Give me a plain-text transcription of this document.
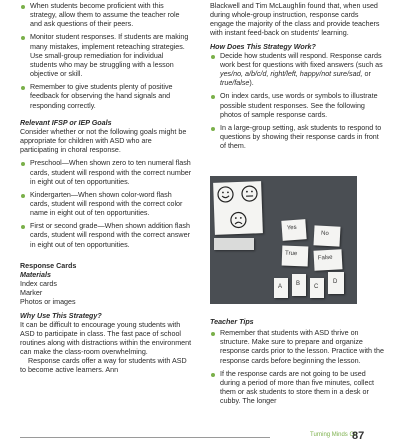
When students become proficient with this strategy, allow them to assume the teacher role and ask questions of their peers.
Monitor student responses. If students are making many mistakes, implement reteaching strategies. Use small-group remediation for individual students who may be struggling with a lesson objective or skill.
Remember to give students plenty of positive feedback for observing the hand signals and responding correctly.

Relevant IFSP or IEP Goals

Consider whether or not the following goals might be appropriate for children with ASD who are participating in choral response.

Preschool—When shown zero to ten numeral flash cards, student will respond with the correct number in eight out of ten opportunities.
Kindergarten—When shown color-word flash cards, student will respond with the correct color name in eight out of ten opportunities.
First or second grade—When shown addition flash cards, student will respond with the correct answer in eight out of ten opportunities.

Response Cards

Materials

Index cards

Marker

Photos or images

Why Use This Strategy?

It can be difficult to encourage young students with ASD to participate in class. The fast pace of school routines along with distractions within the environment can make the class-room overwhelming.

Response cards offer a way for students with ASD to become active learners. Ann

Blackwell and Tim McLaughlin found that, when used during whole-group instruction, response cards engage the majority of the class and provide teachers with instant feed-back on students' learning.

How Does This Strategy Work?

Decide how students will respond. Response cards work best for questions with fixed answers (such as yes/no, a/b/c/d, right/left, happy/not sure/sad, or true/false).
On index cards, use words or symbols to illustrate possible student responses. See the following photos of sample response cards.
In a large-group setting, ask students to respond to questions by showing their response cards in front of them.
Yes
No
True
False
A B C
D

Teacher Tips

Remember that students with ASD thrive on structure. Make sure to prepare and organize response cards prior to the lesson. Practice with the response cards before beginning the lesson.
If the response cards are not going to be used during a period of more than five minutes, collect them or ask students to store them in a desk or cubby. The longer
Turning Minds On
87
